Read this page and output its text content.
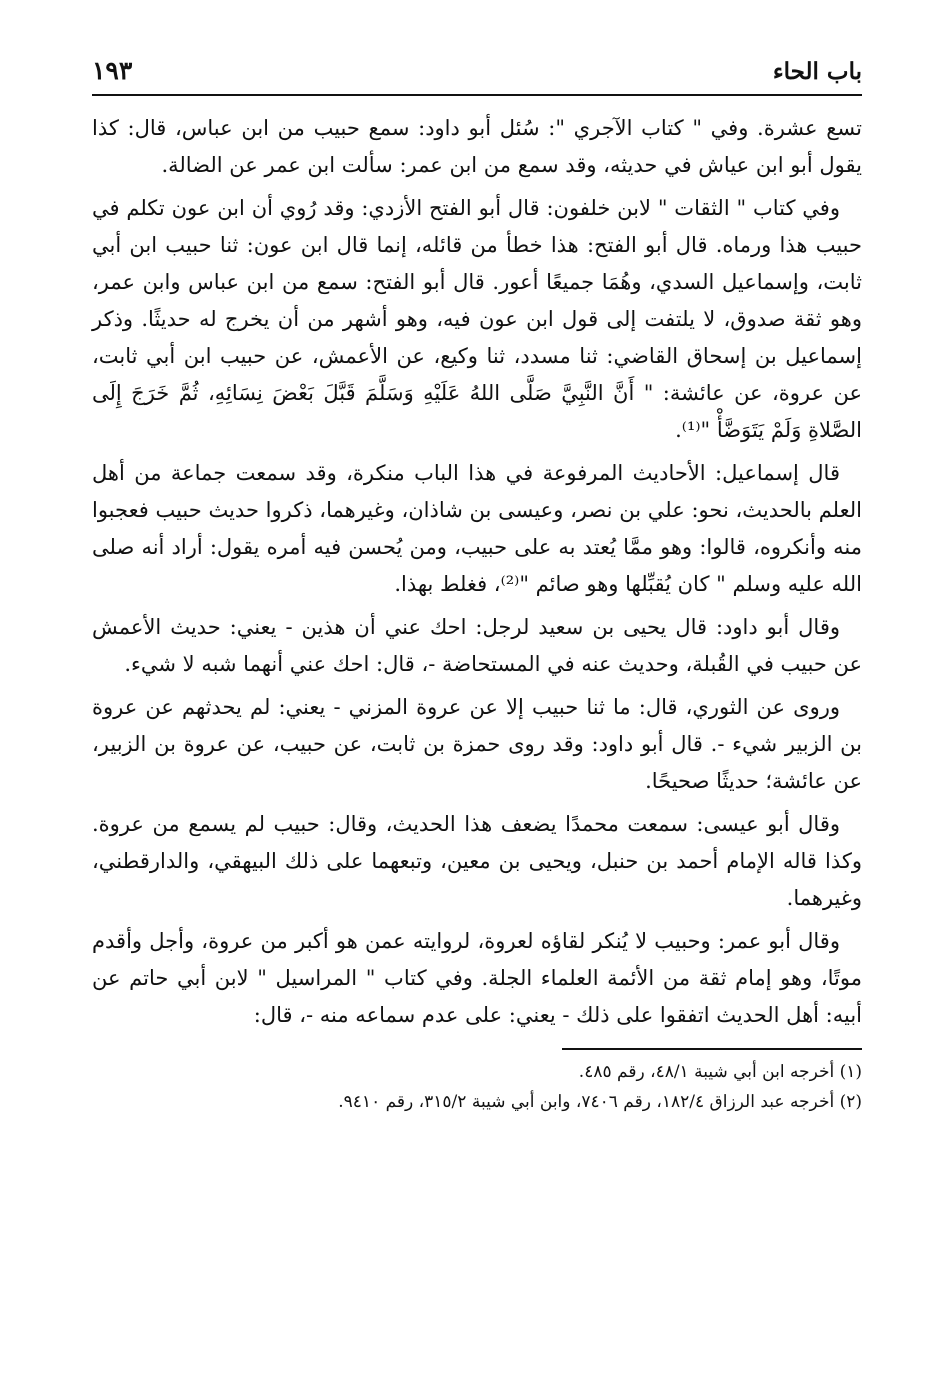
باب الحاء
١٩٣

تسع عشرة. وفي " كتاب الآجري ": سُئل أبو داود: سمع حبيب من ابن عباس، قال: كذا يقول أبو ابن عياش في حديثه، وقد سمع من ابن عمر: سألت ابن عمر عن الضالة.

وفي كتاب " الثقات " لابن خلفون: قال أبو الفتح الأزدي: وقد رُوي أن ابن عون تكلم في حبيب هذا ورماه. قال أبو الفتح: هذا خطأ من قائله، إنما قال ابن عون: ثنا حبيب ابن أبي ثابت، وإسماعيل السدي، وهُمَا جميعًا أعور. قال أبو الفتح: سمع من ابن عباس وابن عمر، وهو ثقة صدوق، لا يلتفت إلى قول ابن عون فيه، وهو أشهر من أن يخرج له حديثًا. وذكر إسماعيل بن إسحاق القاضي: ثنا مسدد، ثنا وكيع، عن الأعمش، عن حبيب ابن أبي ثابت، عن عروة، عن عائشة: " أَنَّ النَّبِيَّ صَلَّى اللهُ عَلَيْهِ وَسَلَّمَ قَبَّلَ بَعْضَ نِسَائِهِ، ثُمَّ خَرَجَ إِلَى الصَّلاةِ وَلَمْ يَتَوَضَّأْ "⁽¹⁾.

قال إسماعيل: الأحاديث المرفوعة في هذا الباب منكرة، وقد سمعت جماعة من أهل العلم بالحديث، نحو: علي بن نصر، وعيسى بن شاذان، وغيرهما، ذكروا حديث حبيب فعجبوا منه وأنكروه، قالوا: وهو ممَّا يُعتد به على حبيب، ومن يُحسن فيه أمره يقول: أراد أنه صلى الله عليه وسلم " كان يُقبِّلها وهو صائم "⁽²⁾، فغلط بهذا.

وقال أبو داود: قال يحيى بن سعيد لرجل: احك عني أن هذين - يعني: حديث الأعمش عن حبيب في القُبلة، وحديث عنه في المستحاضة -، قال: احك عني أنهما شبه لا شيء.

وروى عن الثوري، قال: ما ثنا حبيب إلا عن عروة المزني - يعني: لم يحدثهم عن عروة بن الزبير شيء -. قال أبو داود: وقد روى حمزة بن ثابت، عن حبيب، عن عروة بن الزبير، عن عائشة؛ حديثًا صحيحًا.

وقال أبو عيسى: سمعت محمدًا يضعف هذا الحديث، وقال: حبيب لم يسمع من عروة. وكذا قاله الإمام أحمد بن حنبل، ويحيى بن معين، وتبعهما على ذلك البيهقي، والدارقطني، وغيرهما.

وقال أبو عمر: وحبيب لا يُنكر لقاؤه لعروة، لروايته عمن هو أكبر من عروة، وأجل وأقدم موتًا، وهو إمام ثقة من الأئمة العلماء الجلة. وفي كتاب " المراسيل " لابن أبي حاتم عن أبيه: أهل الحديث اتفقوا على ذلك - يعني: على عدم سماعه منه -، قال:

(١) أخرجه ابن أبي شيبة ٤٨/١، رقم ٤٨٥.

(٢) أخرجه عبد الرزاق ١٨٢/٤، رقم ٧٤٠٦، وابن أبي شيبة ٣١٥/٢، رقم ٩٤١٠.
